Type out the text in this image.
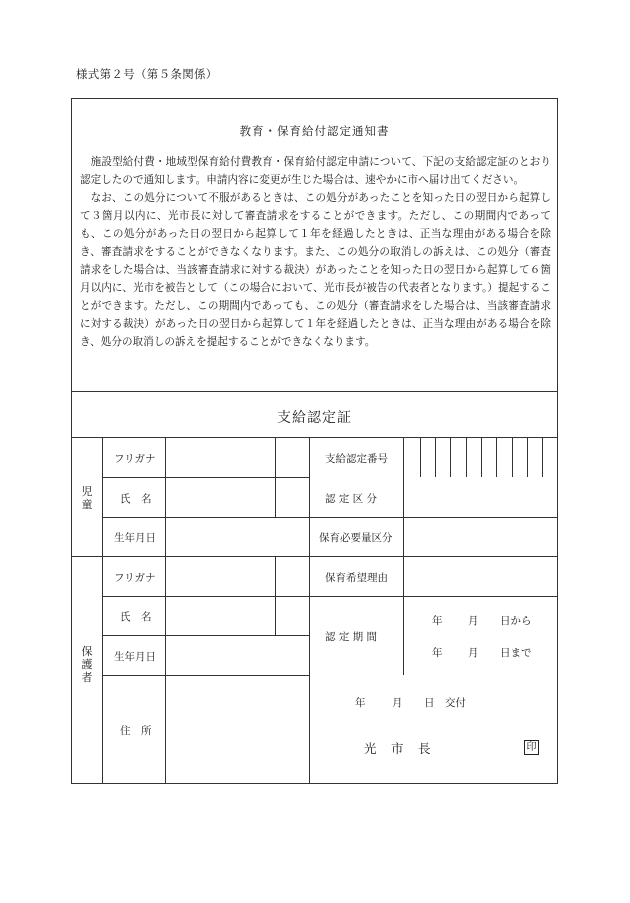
様式第２号（第５条関係）
教育・保育給付認定通知書

施設型給付費・地域型保育給付費教育・保育給付認定申請について、下記の支給認定証のとおり認定したので通知します。申請内容に変更が生じた場合は、速やかに市へ届け出てください。

なお、この処分について不服があるときは、この処分があったことを知った日の翌日から起算して３箇月以内に、光市長に対して審査請求をすることができます。ただし、この期間内であっても、この処分があった日の翌日から起算して１年を経過したときは、正当な理由がある場合を除き、審査請求をすることができなくなります。また、この処分の取消しの訴えは、この処分（審査請求をした場合は、当該審査請求に対する裁決）があったことを知った日の翌日から起算して６箇月以内に、光市を被告として（この場合において、光市長が被告の代表者となります。）提起することができます。ただし、この期間内であっても、この処分（審査請求をした場合は、当該審査請求に対する裁決）があった日の翌日から起算して１年を経過したときは、正当な理由がある場合を除き、処分の取消しの訴えを提起することができなくなります。

支給認定証
児童
保護者
フリガナ
氏　名
生年月日
フリガナ
氏　名
生年月日
住　所
支給認定番号
認 定 区 分
保育必要量区分
保育希望理由
認 定 期 間
年 月 日から
年 月 日まで
年	月 日　交付
光　市　長	印
